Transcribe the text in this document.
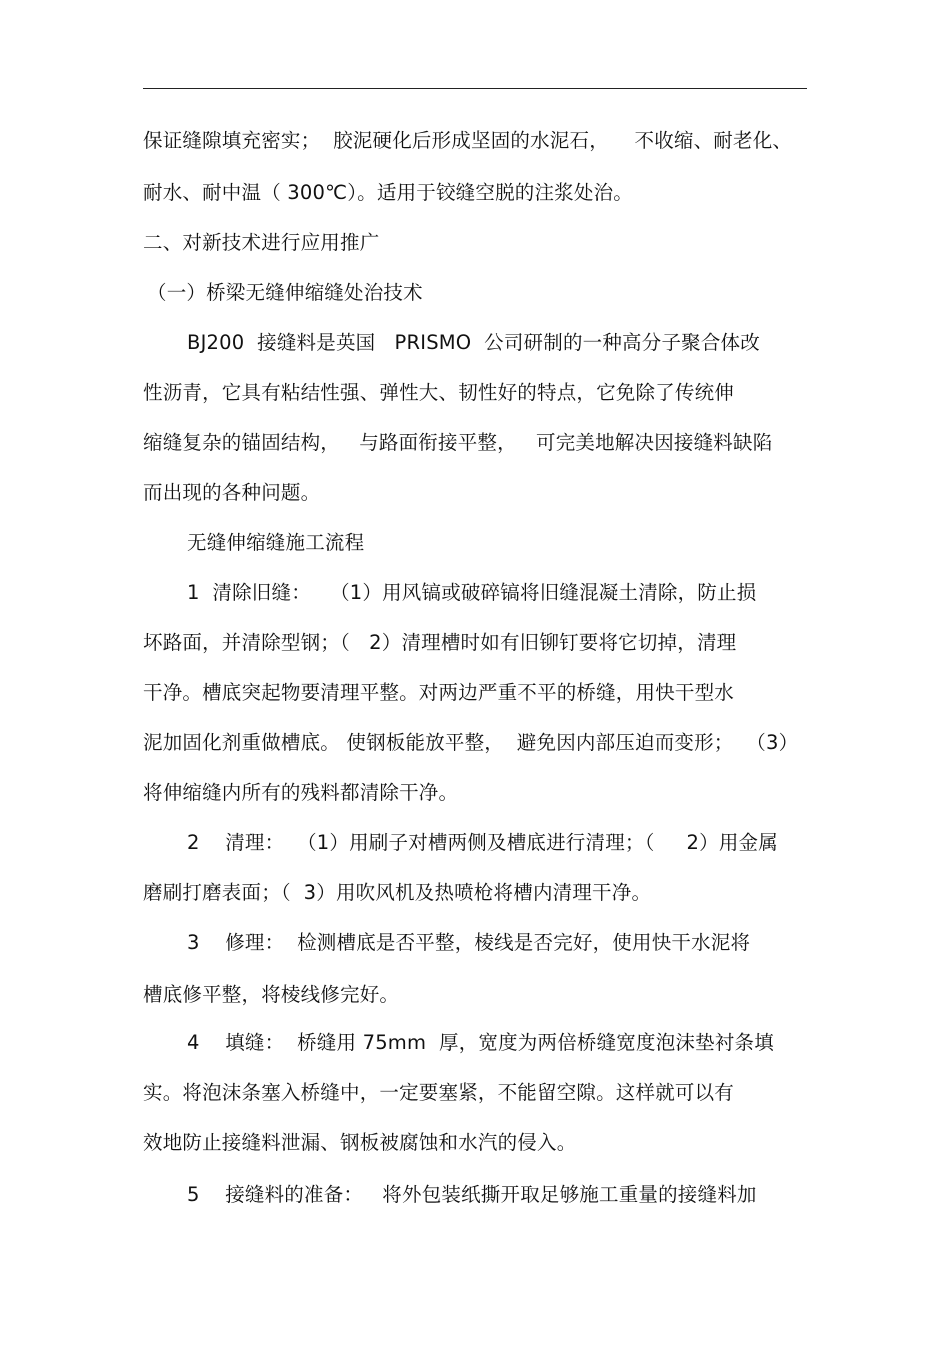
保证缝隙填充密实；  胶泥硬化后形成坚固的水泥石，    不收缩、耐老化、
耐水、耐中温（ 300℃）。适用于铰缝空脱的注浆处治。
二、对新技术进行应用推广
（一）桥梁无缝伸缩缝处治技术
BJ200  接缝料是英国   PRISMO  公司研制的一种高分子聚合体改
性沥青，它具有粘结性强、弹性大、韧性好的特点，它免除了传统伸
缩缝复杂的锚固结构，   与路面衔接平整，   可完美地解决因接缝料缺陷
而出现的各种问题。
无缝伸缩缝施工流程
1  清除旧缝：   （1）用风镐或破碎镐将旧缝混凝土清除，防止损
坏路面，并清除型钢；（   2）清理槽时如有旧铆钉要将它切掉，清理
干净。槽底突起物要清理平整。对两边严重不平的桥缝，用快干型水
泥加固化剂重做槽底。 使钢板能放平整，  避免因内部压迫而变形；  （3）
将伸缩缝内所有的残料都清除干净。
2    清理：  （1）用刷子对槽两侧及槽底进行清理；（     2）用金属
磨刷打磨表面；（  3）用吹风机及热喷枪将槽内清理干净。
3    修理：  检测槽底是否平整，棱线是否完好，使用快干水泥将
槽底修平整，将棱线修完好。
4    填缝：  桥缝用 75mm  厚，宽度为两倍桥缝宽度泡沫垫衬条填
实。将泡沫条塞入桥缝中，一定要塞紧，不能留空隙。这样就可以有
效地防止接缝料泄漏、钢板被腐蚀和水汽的侵入。
5    接缝料的准备：   将外包装纸撕开取足够施工重量的接缝料加
